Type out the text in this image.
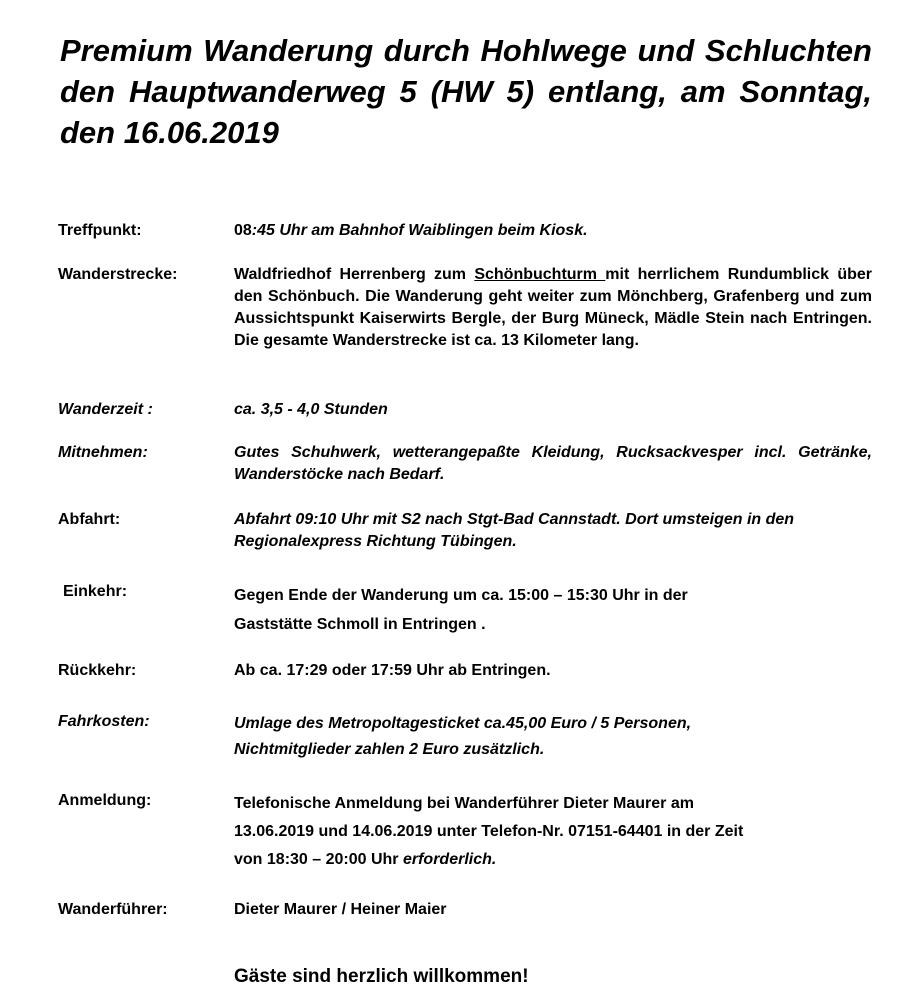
Premium Wanderung durch Hohlwege und Schluchten den Hauptwanderweg 5 (HW 5) entlang, am Sonntag, den 16.06.2019
Treffpunkt:	08:45 Uhr am Bahnhof Waiblingen beim Kiosk.
Wanderstrecke:	Waldfriedhof Herrenberg zum Schönbuchturm mit herrlichem Rundumblick über den Schönbuch. Die Wanderung geht weiter zum Mönchberg, Grafenberg und zum Aussichtspunkt Kaiserwirts Bergle, der Burg Müneck, Mädle Stein nach Entringen. Die gesamte Wanderstrecke ist ca. 13 Kilometer lang.
Wanderzeit :	ca. 3,5 - 4,0 Stunden
Mitnehmen:	Gutes Schuhwerk, wetterangepaßte Kleidung, Rucksackvesper incl. Getränke, Wanderstöcke nach Bedarf.
Abfahrt:	Abfahrt 09:10 Uhr mit S2 nach Stgt-Bad Cannstadt. Dort umsteigen in den Regionalexpress Richtung Tübingen.
Einkehr:	Gegen Ende der Wanderung um ca. 15:00 – 15:30 Uhr in der
Gaststätte Schmoll in Entringen .
Rückkehr:	Ab ca. 17:29 oder 17:59 Uhr ab Entringen.
Fahrkosten:	Umlage des Metropoltagesticket ca.45,00 Euro / 5 Personen,
Nichtmitglieder zahlen 2 Euro zusätzlich.
Anmeldung:	Telefonische Anmeldung bei Wanderführer Dieter Maurer am
13.06.2019 und 14.06.2019 unter Telefon-Nr. 07151-64401 in der Zeit
von 18:30 – 20:00 Uhr erforderlich.
Wanderführer:	Dieter Maurer / Heiner Maier
Gäste sind herzlich willkommen!
